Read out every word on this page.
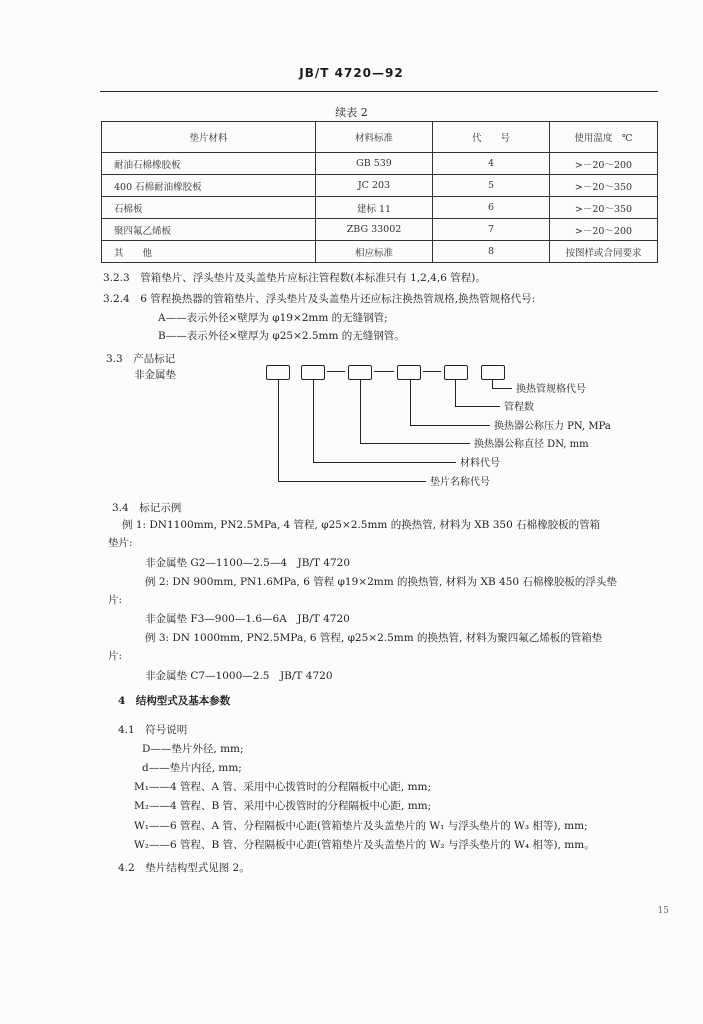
JB/T 4720—92
续表 2
垫片材料	材料标准	代　　号	使用温度　℃
耐油石棉橡胶板	GB 539	4	>－20～200
400 石棉耐油橡胶板	JC 203	5	>－20～350
石棉板	建标 11	6	>－20～350
聚四氟乙烯板	ZBG 33002	7	>－20～200
其　　他	相应标准	8	按图样或合同要求
3.2.3　管箱垫片、浮头垫片及头盖垫片应标注管程数(本标准只有 1,2,4,6 管程)。
3.2.4　6 管程换热器的管箱垫片、浮头垫片及头盖垫片还应标注换热管规格,换热管规格代号:
A——表示外径×壁厚为 φ19×2mm 的无缝钢管;
B——表示外径×壁厚为 φ25×2.5mm 的无缝钢管。
3.3　产品标记
非金属垫
换热管规格代号
管程数
换热器公称压力 PN, MPa
换热器公称直径 DN, mm
材料代号
垫片名称代号
3.4　标记示例
例 1: DN1100mm, PN2.5MPa, 4 管程, φ25×2.5mm 的换热管, 材料为 XB 350 石棉橡胶板的管箱
垫片:
非金属垫 G2—1100—2.5—4　JB/T 4720
例 2: DN 900mm, PN1.6MPa, 6 管程 φ19×2mm 的换热管, 材料为 XB 450 石棉橡胶板的浮头垫
片:
非金属垫 F3—900—1.6—6A　JB/T 4720
例 3: DN 1000mm, PN2.5MPa, 6 管程, φ25×2.5mm 的换热管, 材料为聚四氟乙烯板的管箱垫
片:
非金属垫 C7—1000—2.5　JB/T 4720
4　结构型式及基本参数
4.1　符号说明
D——垫片外径, mm;
d——垫片内径, mm;
M₁——4 管程、A 管、采用中心拨管时的分程隔板中心距, mm;
M₂——4 管程、B 管、采用中心拨管时的分程隔板中心距, mm;
W₁——6 管程、A 管、分程隔板中心距(管箱垫片及头盖垫片的 W₁ 与浮头垫片的 W₃ 相等), mm;
W₂——6 管程、B 管、分程隔板中心距(管箱垫片及头盖垫片的 W₂ 与浮头垫片的 W₄ 相等), mm。
4.2　垫片结构型式见图 2。
15
